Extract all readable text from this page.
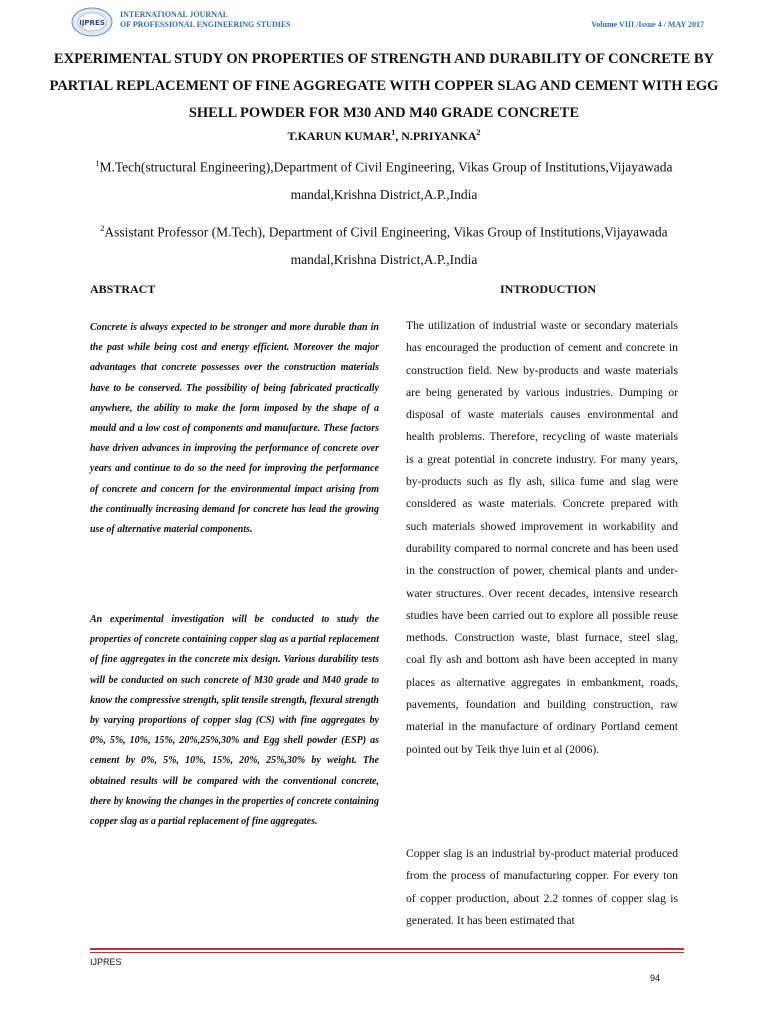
IJPRES
INTERNATIONAL JOURNAL
OF PROFESSIONAL ENGINEERING STUDIES	Volume VIII /Issue 4 / MAY 2017
EXPERIMENTAL STUDY ON PROPERTIES OF STRENGTH AND DURABILITY OF CONCRETE BY PARTIAL REPLACEMENT OF FINE AGGREGATE WITH COPPER SLAG AND CEMENT WITH EGG SHELL POWDER FOR M30 AND M40 GRADE CONCRETE
T.KARUN KUMAR$^1$, N.PRIYANKA$^2$
$^1$M.Tech(structural Engineering),Department of Civil Engineering, Vikas Group of Institutions,Vijayawada mandal,Krishna District,A.P.,India
$^2$Assistant Professor (M.Tech), Department of Civil Engineering, Vikas Group of Institutions,Vijayawada mandal,Krishna District,A.P.,India
ABSTRACT	INTRODUCTION

Concrete is always expected to be stronger and more durable than in the past while being cost and energy efficient. Moreover the major advantages that concrete possesses over the construction materials have to be conserved. The possibility of being fabricated practically anywhere, the ability to make the form imposed by the shape of a mould and a low cost of components and manufacture. These factors have driven advances in improving the performance of concrete over years and continue to do so the need for improving the performance of concrete and concern for the environmental impact arising from the continually increasing demand for concrete has lead the growing use of alternative material components.

An experimental investigation will be conducted to study the properties of concrete containing copper slag as a partial replacement of fine aggregates in the concrete mix design. Various durability tests will be conducted on such concrete of M30 grade and M40 grade to know the compressive strength, split tensile strength, flexural strength by varying proportions of copper slag (CS) with fine aggregates by 0%, 5%, 10%, 15%, 20%,25%,30% and Egg shell powder (ESP) as cement by 0%, 5%, 10%, 15%, 20%, 25%,30% by weight. The obtained results will be compared with the conventional concrete, there by knowing the changes in the properties of concrete containing copper slag as a partial replacement of fine aggregates.

The utilization of industrial waste or secondary materials has encouraged the production of cement and concrete in construction field. New by-products and waste materials are being generated by various industries. Dumping or disposal of waste materials causes environmental and health problems. Therefore, recycling of waste materials is a great potential in concrete industry. For many years, by-products such as fly ash, silica fume and slag were considered as waste materials. Concrete prepared with such materials showed improvement in workability and durability compared to normal concrete and has been used in the construction of power, chemical plants and under-water structures. Over recent decades, intensive research studies have been carried out to explore all possible reuse methods. Construction waste, blast furnace, steel slag, coal fly ash and bottom ash have been accepted in many places as alternative aggregates in embankment, roads, pavements, foundation and building construction, raw material in the manufacture of ordinary Portland cement pointed out by Teik thye luin et al (2006).

Copper slag is an industrial by-product material produced from the process of manufacturing copper. For every ton of copper production, about 2.2 tonnes of copper slag is generated. It has been estimated that

IJPRES
94
